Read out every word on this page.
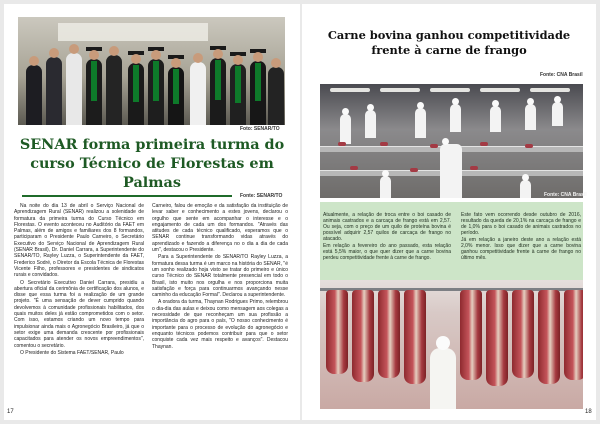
Foto: SENAR/TO
SENAR forma primeira turma do curso Técnico de Florestas em Palmas
Fonte: SENAR/TO

Na noite do dia 13 de abril o Serviço Nacional de Aprendizagem Rural (SENAR) realizou a solenidade de formatura da primeira turma do Curso Técnico em Florestas. O evento aconteceu no Auditório da FAET em Palmas, além de amigos e familiares dos 8 formandos, participaram o Presidente Paulo Carneiro, o Secretário Executivo do Serviço Nacional de Aprendizagem Rural (SENAR Brasil), Dr. Daniel Carrara, a Superintendente do SENAR/TO, Rayley Luzza, o Superintendente da FAET, Frederico Sodré, o Diretor da Escola Técnica de Florestas Vicente Filho, professores e presidentes de sindicatos rurais e convidados.

O Secretário Executivo Daniel Carrara, presidiu a abertura oficial da cerimônia de certificação dos alunos, e disse que essa turma foi a realização de um grande projeto. "É uma sensação de dever cumprido quando devolvemos à comunidade profissionais habilitados, dos quais muitos deles já estão comprometidos com o setor. Com isso, estamos criando um novo tempo para impulsionar ainda mais o Agronegócio Brasileiro, já que o setor exige uma demanda crescente por profissionais capacitados para atender os novos empreendimentos", comentou o secretário.

O Presidente do Sistema FAET/SENAR, Paulo

Carneiro, falou de emoção e da satisfação da instituição de levar saber e conhecimento a estes jovens, declarou o orgulho que sente em acompanhar o interesse e o engajamento de cada um dos formandos. "Através das atitudes de cada técnico qualificado, esperamos que o SENAR continue transformando vidas através do aprendizado e fazendo a diferença no o dia a dia de cada um", destacou o Presidente.

Para a Superintendente do SENAR/TO Rayley Luzza, a formatura dessa turma é um marco na história do SENAR, "é um sonho realizado hoja visto se tratar do primeiro e único curso Técnico do SENAR totalmente presencial em todo o Brasil, isto muito nos orgulha e nos proporciona muita satisfação e força para continuarmos avançando nesse caminho da educação Formal". Declarou a superintendente.

A oradora da turma, Thaynan Rodrigues Primo, relembrou o dia-dia das aulas e deixou como mensagem aos colegas a necessidade de que reconheçam um sua profissão a importância do agro para o país, "O nosso conhecimento é importante para o processo de evolução do agronegócio e enquanto técnicos podemos contribuir para que o setor conquiste cada vez mais respeito e avanços". Destacou Thaynan.

17
Carne bovina ganhou competitividade frente à carne de frango
Fonte: CNA Brasil
Fonte: CNA Brasil

Atualmente, a relação de troca entre o boi casado de animais castrados e a carcaça de frango está em 2,57. Ou seja, com o preço de um quilo de proteína bovina é possível adquirir 2,57 quilos de carcaça de frango no atacado.

Em relação a fevereiro do ano passado, esta relação está 5,5% maior, o que quer dizer que a carne bovina perdeu competitividade frente à carne de frango.

Este fato vem ocorrendo desde outubro de 2016, resultado da queda de 20,1% na carcaça de frango e de 1,0% para o boi casado de animais castrados no período.

Já em relação a janeiro deste ano a relação está 2,0% menor. Isso que dizer que a carne bovina ganhou competitividade frente à carne de frango no último mês.

18
